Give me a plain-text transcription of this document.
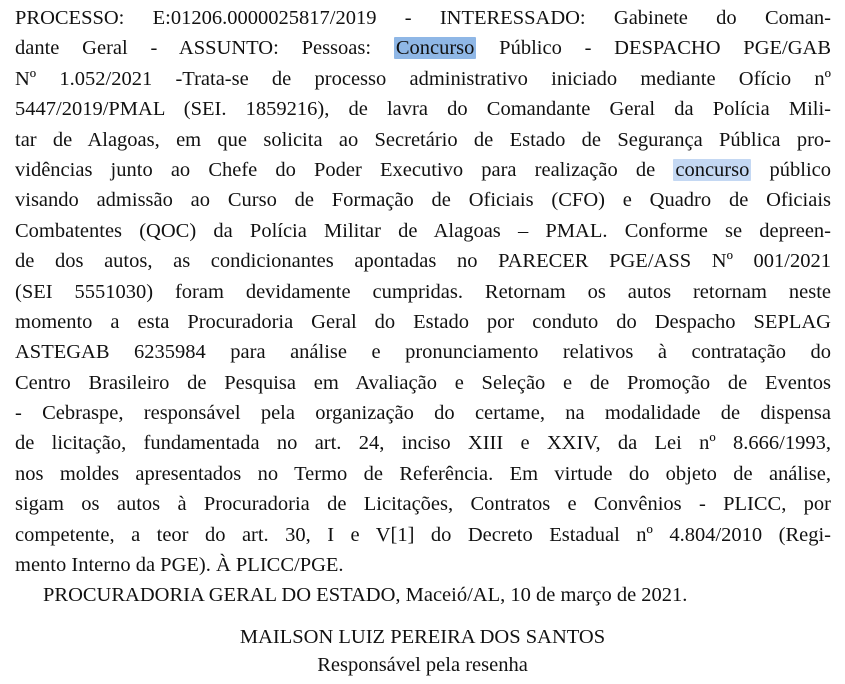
PROCESSO: E:01206.0000025817/2019 - INTERESSADO: Gabinete do Coman-
dante Geral - ASSUNTO: Pessoas: Concurso Público - DESPACHO PGE/GAB
Nº 1.052/2021 -Trata-se de processo administrativo iniciado mediante Ofício nº
5447/2019/PMAL (SEI. 1859216), de lavra do Comandante Geral da Polícia Mili-
tar de Alagoas, em que solicita ao Secretário de Estado de Segurança Pública pro-
vidências junto ao Chefe do Poder Executivo para realização de concurso público
visando admissão ao Curso de Formação de Oficiais (CFO) e Quadro de Oficiais
Combatentes (QOC) da Polícia Militar de Alagoas – PMAL. Conforme se depreen-
de dos autos, as condicionantes apontadas no PARECER PGE/ASS Nº 001/2021
(SEI 5551030) foram devidamente cumpridas. Retornam os autos retornam neste
momento a esta Procuradoria Geral do Estado por conduto do Despacho SEPLAG
ASTEGAB 6235984 para análise e pronunciamento relativos à contratação do
Centro Brasileiro de Pesquisa em Avaliação e Seleção e de Promoção de Eventos
- Cebraspe, responsável pela organização do certame, na modalidade de dispensa
de licitação, fundamentada no art. 24, inciso XIII e XXIV, da Lei nº 8.666/1993,
nos moldes apresentados no Termo de Referência. Em virtude do objeto de análise,
sigam os autos à Procuradoria de Licitações, Contratos e Convênios - PLICC, por
competente, a teor do art. 30, I e V[1] do Decreto Estadual nº 4.804/2010 (Regi-
mento Interno da PGE). À PLICC/PGE.
PROCURADORIA GERAL DO ESTADO, Maceió/AL, 10 de março de 2021.
MAILSON LUIZ PEREIRA DOS SANTOS
Responsável pela resenha
